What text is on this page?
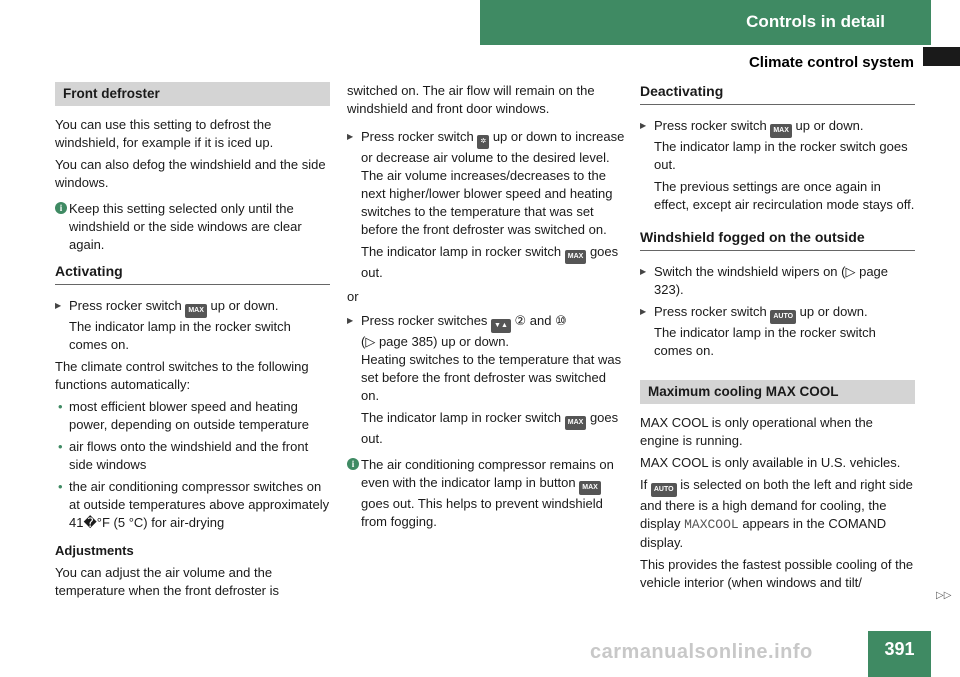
Controls in detail
Climate control system
Front defroster

You can use this setting to defrost the windshield, for example if it is iced up.

You can also defog the windshield and the side windows.

i Keep this setting selected only until the windshield or the side windows are clear again.
Activating
▶ Press rocker switch MAX up or down.
The indicator lamp in the rocker switch comes on.

The climate control switches to the following functions automatically:

• most efficient blower speed and heating power, depending on outside temperature
• air flows onto the windshield and the front side windows
• the air conditioning compressor switches on at outside temperatures above approximately 41�°F (5 °C) for air-drying
Adjustments

You can adjust the air volume and the temperature when the front defroster is

switched on. The air flow will remain on the windshield and front door windows.

▶ Press rocker switch ✲ up or down to increase or decrease air volume to the desired level.
The air volume increases/decreases to the next higher/lower blower speed and heating switches to the temperature that was set before the front defroster was switched on.
The indicator lamp in rocker switch MAX goes out.

or

▶ Press rocker switches ▼▲ ② and ⑩
(▷ page 385) up or down.
Heating switches to the temperature that was set before the front defroster was switched on.
The indicator lamp in rocker switch MAX goes out.
i The air conditioning compressor remains on even with the indicator lamp in button MAX goes out. This helps to prevent windshield from fogging.
Deactivating
▶ Press rocker switch MAX up or down.
The indicator lamp in the rocker switch goes out.
The previous settings are once again in effect, except air recirculation mode stays off.
Windshield fogged on the outside
▶ Switch the windshield wipers on (▷ page 323).
▶ Press rocker switch AUTO up or down.
The indicator lamp in the rocker switch comes on.
Maximum cooling MAX COOL

MAX COOL is only operational when the engine is running.

MAX COOL is only available in U.S. vehicles.

If AUTO is selected on both the left and right side and there is a high demand for cooling, the display MAXCOOL appears in the COMAND display.

This provides the fastest possible cooling of the vehicle interior (when windows and tilt/

▷▷
carmanualsonline.info	391
